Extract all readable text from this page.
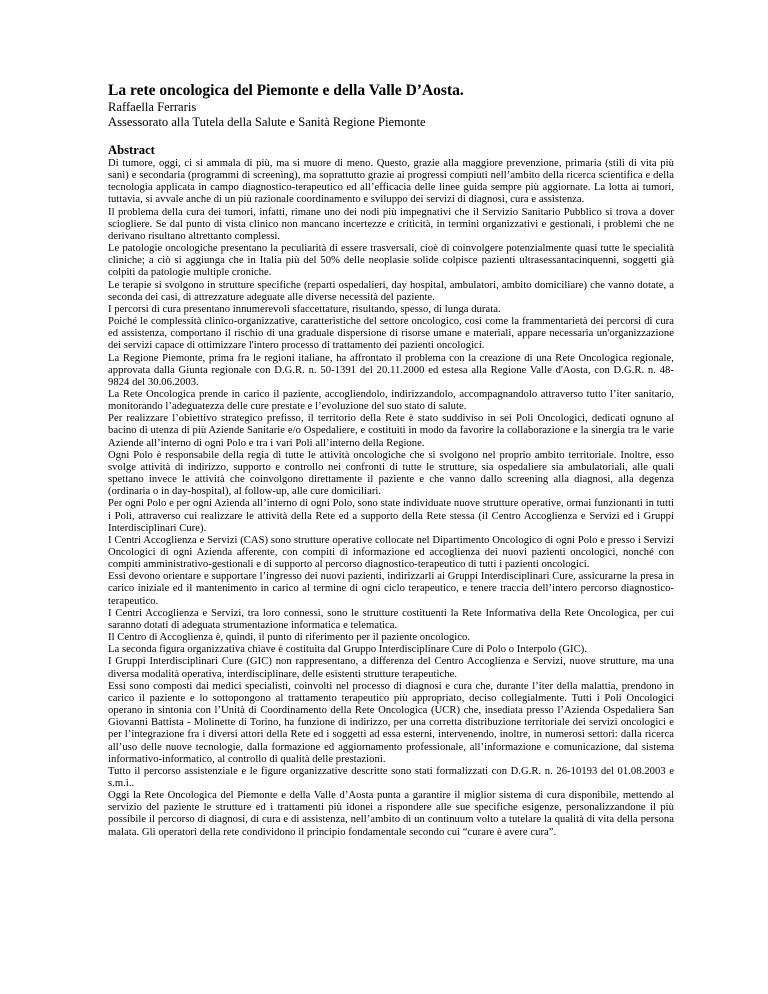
La rete oncologica del Piemonte e della Valle D’Aosta.

Raffaella Ferraris

Assessorato alla Tutela della Salute e Sanità Regione Piemonte

Abstract

Di tumore, oggi, ci si ammala di più, ma si muore di meno. Questo, grazie alla maggiore prevenzione, primaria (stili di vita più sani) e secondaria (programmi di screening), ma soprattutto grazie ai progressi compiuti nell’ambito della ricerca scientifica e della tecnologia applicata in campo diagnostico-terapeutico ed all’efficacia delle linee guida sempre più aggiornate. La lotta ai tumori, tuttavia, si avvale anche di un più razionale coordinamento e sviluppo dei servizi di diagnosi, cura e assistenza.

Il problema della cura dei tumori, infatti, rimane uno dei nodi più impegnativi che il Servizio Sanitario Pubblico si trova a dover sciogliere. Se dal punto di vista clinico non mancano incertezze e criticità, in termini organizzativi e gestionali, i problemi che ne derivano risultano altrettanto complessi.

Le patologie oncologiche presentano la peculiarità di essere trasversali, cioè di coinvolgere potenzialmente quasi tutte le specialità cliniche; a ciò si aggiunga che in Italia più del 50% delle neoplasie solide colpisce pazienti ultrasessantacinquenni, soggetti già colpiti da patologie multiple croniche.

Le terapie si svolgono in strutture specifiche (reparti ospedalieri, day hospital, ambulatori, ambito domiciliare) che vanno dotate, a seconda dei casi, di attrezzature adeguate alle diverse necessità del paziente.

I percorsi di cura presentano innumerevoli sfaccettature, risultando, spesso, di lunga durata.

Poiché le complessità clinico-organizzative, caratteristiche del settore oncologico, così come la frammentarietà dei percorsi di cura ed assistenza, comportano il rischio di una graduale dispersione di risorse umane e materiali, appare necessaria un'organizzazione dei servizi capace di ottimizzare l'intero processo di trattamento dei pazienti oncologici.

La Regione Piemonte, prima fra le regioni italiane, ha affrontato il problema con la creazione di una Rete Oncologica regionale, approvata dalla Giunta regionale con D.G.R. n. 50-1391 del 20.11.2000 ed estesa alla Regione Valle d'Aosta, con D.G.R. n. 48-9824 del 30.06.2003.

La Rete Oncologica prende in carico il paziente, accogliendolo, indirizzandolo, accompagnandolo attraverso tutto l’iter sanitario, monitorando l’adeguatezza delle cure prestate e l’evoluzione del suo stato di salute.

Per realizzare l’obiettivo strategico prefisso, il territorio della Rete è stato suddiviso in sei Poli Oncologici, dedicati ognuno al bacino di utenza di più Aziende Sanitarie e/o Ospedaliere, e costituiti in modo da favorire la collaborazione e la sinergia tra le varie Aziende all’interno di ogni Polo e tra i vari Poli all’interno della Regione.

Ogni Polo è responsabile della regia di tutte le attività oncologiche che si svolgono nel proprio ambito territoriale. Inoltre, esso svolge attività di indirizzo, supporto e controllo nei confronti di tutte le strutture, sia ospedaliere sia ambulatoriali, alle quali spettano invece le attività che coinvolgono direttamente il paziente e che vanno dallo screening alla diagnosi, alla degenza (ordinaria o in day-hospital), al follow-up, alle cure domiciliari.

Per ogni Polo e per ogni Azienda all’interno di ogni Polo, sono state individuate nuove strutture operative, ormai funzionanti in tutti i Poli, attraverso cui realizzare le attività della Rete ed a supporto della Rete stessa (il Centro Accoglienza e Servizi ed i Gruppi Interdisciplinari Cure).

I Centri Accoglienza e Servizi (CAS) sono strutture operative collocate nel Dipartimento Oncologico di ogni Polo e presso i Servizi Oncologici di ogni Azienda afferente, con compiti di informazione ed accoglienza dei nuovi pazienti oncologici, nonché con compiti amministrativo-gestionali e di supporto al percorso diagnostico-terapeutico di tutti i pazienti oncologici.

Essi devono orientare e supportare l’ingresso dei nuovi pazienti, indirizzarli ai Gruppi Interdisciplinari Cure, assicurarne la presa in carico iniziale ed il mantenimento in carico al termine di ogni ciclo terapeutico, e tenere traccia dell’intero percorso diagnostico-terapeutico.

I Centri Accoglienza e Servizi, tra loro connessi, sono le strutture costituenti la Rete Informativa della Rete Oncologica, per cui saranno dotati di adeguata strumentazione informatica e telematica.

Il Centro di Accoglienza è, quindi, il punto di riferimento per il paziente oncologico.

La seconda figura organizzativa chiave è costituita dal Gruppo Interdisciplinare Cure di Polo o Interpolo (GIC).

I Gruppi Interdisciplinari Cure (GIC) non rappresentano, a differenza del Centro Accoglienza e Servizi, nuove strutture, ma una diversa modalità operativa, interdisciplinare, delle esistenti strutture terapeutiche.

Essi sono composti dai medici specialisti, coinvolti nel processo di diagnosi e cura che, durante l’iter della malattia, prendono in carico il paziente e lo sottopongono al trattamento terapeutico più appropriato, deciso collegialmente. Tutti i Poli Oncologici operano in sintonia con l’Unità di Coordinamento della Rete Oncologica (UCR) che, insediata presso l’Azienda Ospedaliera San Giovanni Battista - Molinette di Torino, ha funzione di indirizzo, per una corretta distribuzione territoriale dei servizi oncologici e per l’integrazione fra i diversi attori della Rete ed i soggetti ad essa esterni, intervenendo, inoltre, in numerosi settori: dalla ricerca all’uso delle nuove tecnologie, dalla formazione ed aggiornamento professionale, all’informazione e comunicazione, dal sistema informativo-informatico, al controllo di qualità delle prestazioni.

Tutto il percorso assistenziale e le figure organizzative descritte sono stati formalizzati con D.G.R. n. 26-10193 del 01.08.2003 e s.m.i..

Oggi la Rete Oncologica del Piemonte e della Valle d’Aosta punta a garantire il miglior sistema di cura disponibile, mettendo al servizio del paziente le strutture ed i trattamenti più idonei a rispondere alle sue specifiche esigenze, personalizzandone il più possibile il percorso di diagnosi, di cura e di assistenza, nell’ambito di un continuum volto a tutelare la qualità di vita della persona malata. Gli operatori della rete condividono il principio fondamentale secondo cui “curare è avere cura”.
